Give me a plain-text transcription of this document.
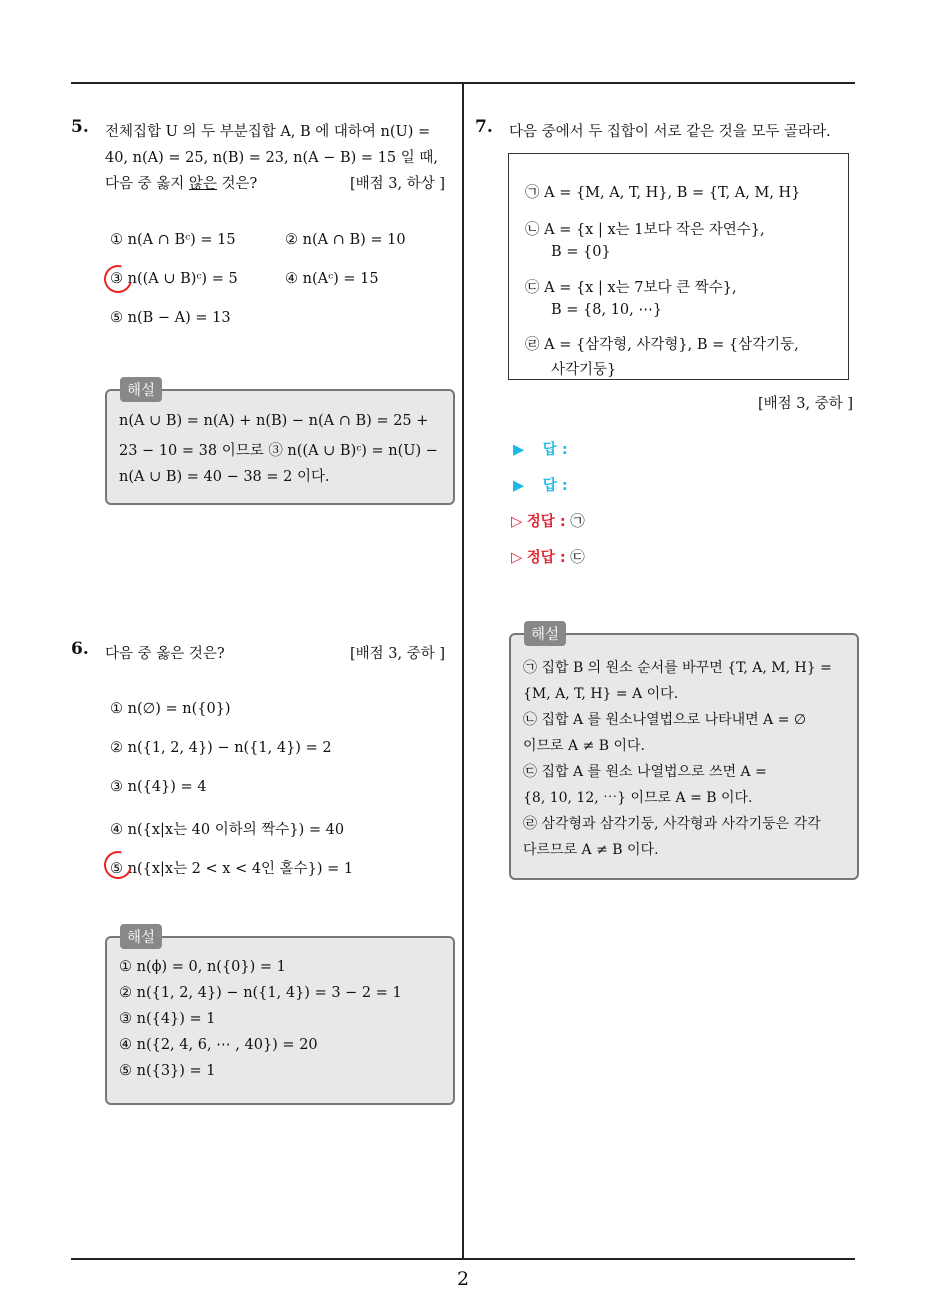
5. 전체집합 U 의 두 부분집합 A, B 에 대하여 n(U) =
40, n(A) = 25, n(B) = 23, n(A − B) = 15 일 때,
다음 중 옳지 않은 것은?	[배점 3, 하상 ]
① n(A ∩ Bᶜ) = 15	② n(A ∩ B) = 10
③ n((A ∪ B)ᶜ) = 5	④ n(Aᶜ) = 15
⑤ n(B − A) = 13
n(A ∪ B) = n(A) + n(B) − n(A ∩ B) = 25 +
23 − 10 = 38 이므로 ③ n((A ∪ B)ᶜ) = n(U) −
n(A ∪ B) = 40 − 38 = 2 이다.
해설
6. 다음 중 옳은 것은?	[배점 3, 중하 ]
① n(∅) = n({0})
② n({1, 2, 4}) − n({1, 4}) = 2
③ n({4}) = 4
④ n({x|x는 40 이하의 짝수}) = 40
⑤ n({x|x는 2 < x < 4인 홀수}) = 1
① n(ϕ) = 0, n({0}) = 1
② n({1, 2, 4}) − n({1, 4}) = 3 − 2 = 1
③ n({4}) = 1
④ n({2, 4, 6, ⋯ , 40}) = 20
⑤ n({3}) = 1
해설
7. 다음 중에서 두 집합이 서로 같은 것을 모두 골라라.
㉠ A = {M, A, T, H}, B = {T, A, M, H}
㉡ A = {x | x는 1보다 작은 자연수},
B = {0}
㉢ A = {x | x는 7보다 큰 짝수},
B = {8, 10, ⋯}
㉣ A = {삼각형, 사각형}, B = {삼각기둥,
사각기둥}
[배점 3, 중하 ]
▶ 답 :
▶ 답 :
▷ 정답 : ㉠
▷ 정답 : ㉢
㉠ 집합 B 의 원소 순서를 바꾸면 {T, A, M, H} =
{M, A, T, H} = A 이다.
㉡ 집합 A 를 원소나열법으로 나타내면 A = ∅
이므로 A ≠ B 이다.
㉢ 집합 A 를 원소 나열법으로 쓰면 A =
{8, 10, 12, ⋯} 이므로 A = B 이다.
㉣ 삼각형과 삼각기둥, 사각형과 사각기둥은 각각
다르므로 A ≠ B 이다.
해설
2
